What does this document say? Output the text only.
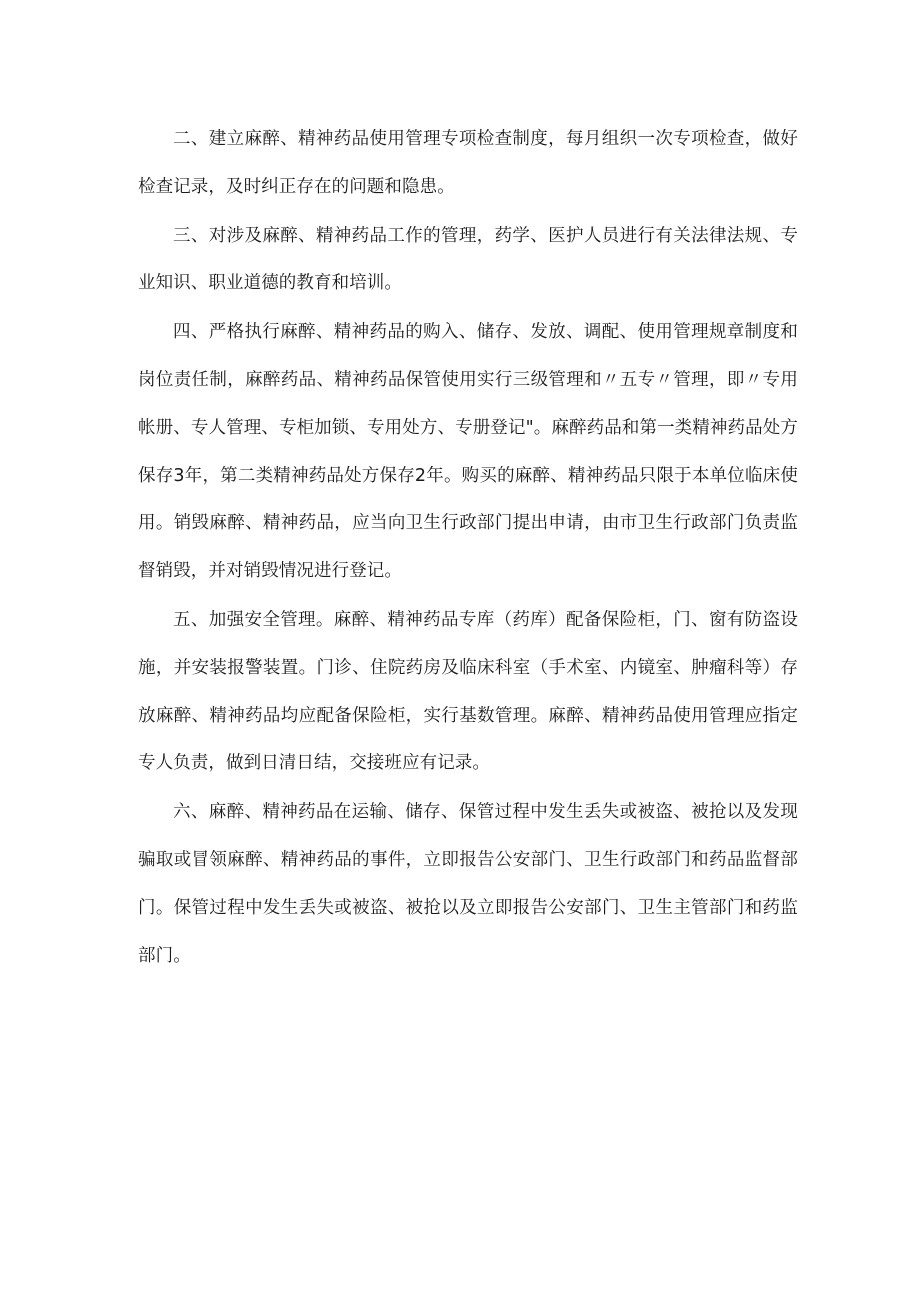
二、建立麻醉、精神药品使用管理专项检查制度，每月组织一次专项检查，做好检查记录，及时纠正存在的问题和隐患。

三、对涉及麻醉、精神药品工作的管理，药学、医护人员进行有关法律法规、专业知识、职业道德的教育和培训。

四、严格执行麻醉、精神药品的购入、储存、发放、调配、使用管理规章制度和岗位责任制，麻醉药品、精神药品保管使用实行三级管理和〃五专〃管理，即〃专用帐册、专人管理、专柜加锁、专用处方、专册登记"。麻醉药品和第一类精神药品处方保存3年，第二类精神药品处方保存2年。购买的麻醉、精神药品只限于本单位临床使用。销毁麻醉、精神药品，应当向卫生行政部门提出申请，由市卫生行政部门负责监督销毁，并对销毁情况进行登记。

五、加强安全管理。麻醉、精神药品专库（药库）配备保险柜，门、窗有防盗设施，并安装报警装置。门诊、住院药房及临床科室（手术室、内镜室、肿瘤科等）存放麻醉、精神药品均应配备保险柜，实行基数管理。麻醉、精神药品使用管理应指定专人负责，做到日清日结，交接班应有记录。

六、麻醉、精神药品在运输、储存、保管过程中发生丢失或被盗、被抢以及发现骗取或冒领麻醉、精神药品的事件，立即报告公安部门、卫生行政部门和药品监督部门。保管过程中发生丢失或被盗、被抢以及立即报告公安部门、卫生主管部门和药监部门。
